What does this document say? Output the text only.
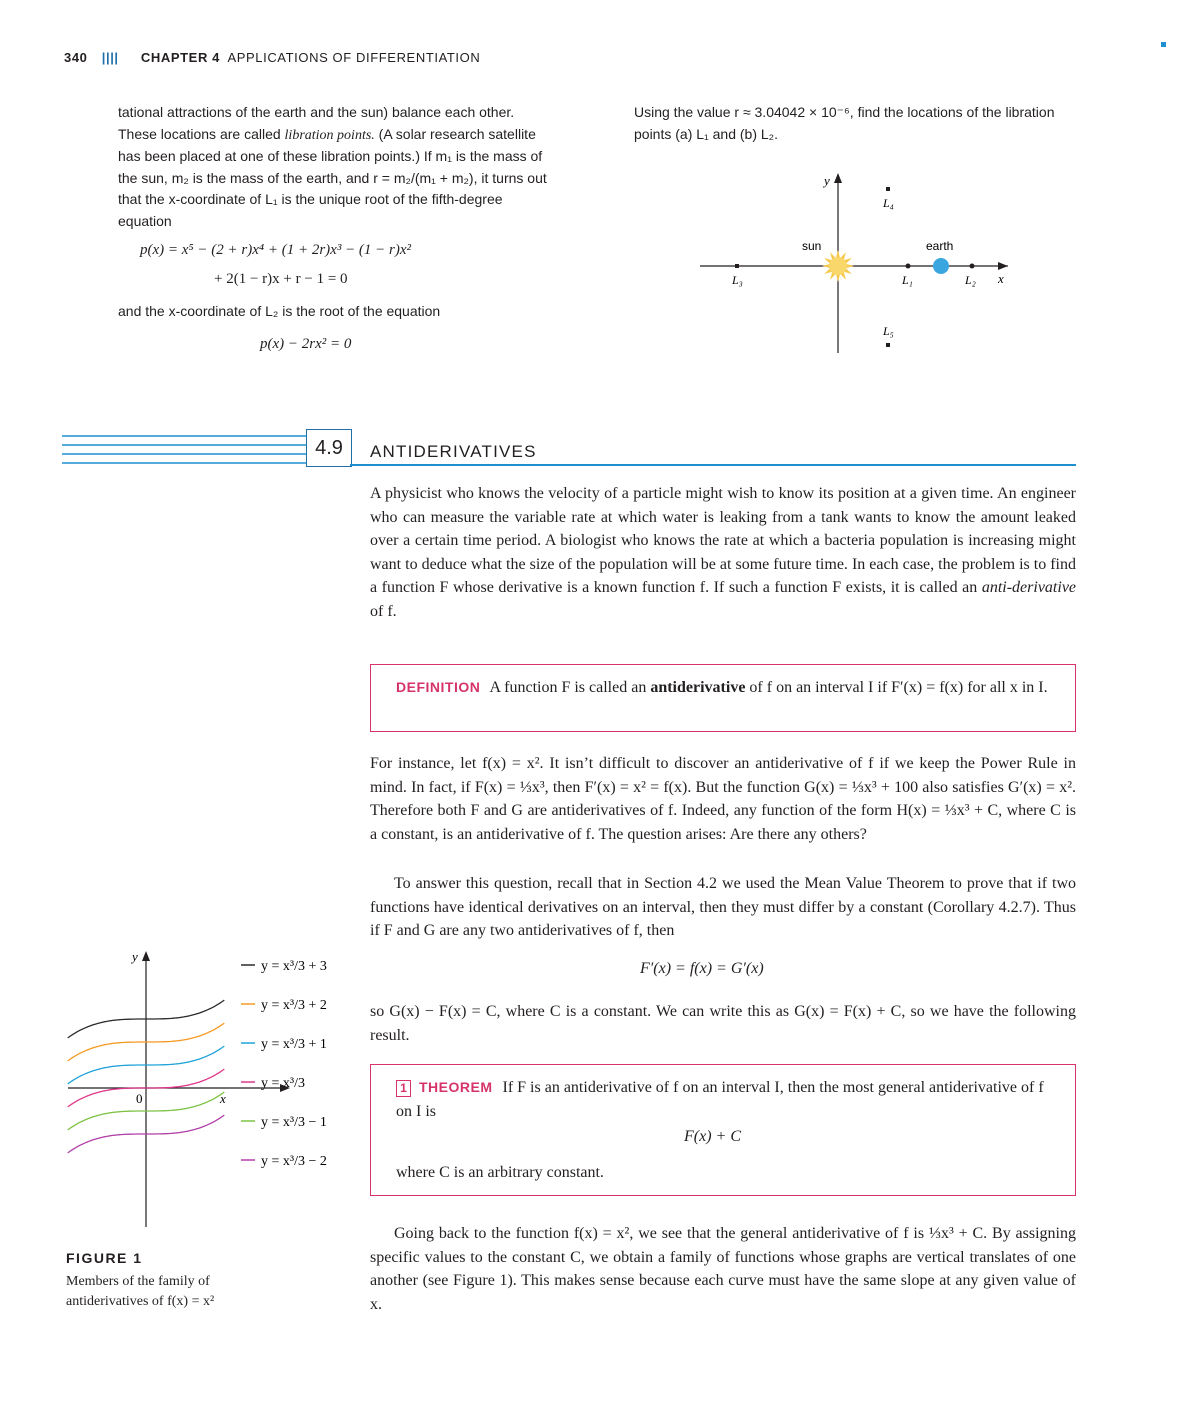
340 |||| CHAPTER 4 APPLICATIONS OF DIFFERENTIATION
tational attractions of the earth and the sun) balance each other. These locations are called libration points. (A solar research satellite has been placed at one of these libration points.) If m₁ is the mass of the sun, m₂ is the mass of the earth, and r = m₂/(m₁ + m₂), it turns out that the x-coordinate of L₁ is the unique root of the fifth-degree equation
p(x) = x⁵ − (2 + r)x⁴ + (1 + 2r)x³ − (1 − r)x²
+ 2(1 − r)x + r − 1 = 0
and the x-coordinate of L₂ is the root of the equation
p(x) − 2rx² = 0
Using the value r ≈ 3.04042 × 10⁻⁶, find the locations of the libration points (a) L₁ and (b) L₂.
y
x
sun	earth
L₄
L₃	L₁	L₂
L₅
4.9	ANTIDERIVATIVES
A physicist who knows the velocity of a particle might wish to know its position at a given time. An engineer who can measure the variable rate at which water is leaking from a tank wants to know the amount leaked over a certain time period. A biologist who knows the rate at which a bacteria population is increasing might want to deduce what the size of the population will be at some future time. In each case, the problem is to find a function F whose derivative is a known function f. If such a function F exists, it is called an anti-derivative of f.
DEFINITION A function F is called an antiderivative of f on an interval I if F′(x) = f(x) for all x in I.
For instance, let f(x) = x². It isn’t difficult to discover an antiderivative of f if we keep the Power Rule in mind. In fact, if F(x) = ⅓x³, then F′(x) = x² = f(x). But the function G(x) = ⅓x³ + 100 also satisfies G′(x) = x². Therefore both F and G are antiderivatives of f. Indeed, any function of the form H(x) = ⅓x³ + C, where C is a constant, is an antiderivative of f. The question arises: Are there any others?
To answer this question, recall that in Section 4.2 we used the Mean Value Theorem to prove that if two functions have identical derivatives on an interval, then they must differ by a constant (Corollary 4.2.7). Thus if F and G are any two antiderivatives of f, then
F′(x) = f(x) = G′(x)
so G(x) − F(x) = C, where C is a constant. We can write this as G(x) = F(x) + C, so we have the following result.
1 THEOREM If F is an antiderivative of f on an interval I, then the most general antiderivative of f on I is
F(x) + C
where C is an arbitrary constant.
Going back to the function f(x) = x², we see that the general antiderivative of f is ⅓x³ + C. By assigning specific values to the constant C, we obtain a family of functions whose graphs are vertical translates of one another (see Figure 1). This makes sense because each curve must have the same slope at any given value of x.
y
x
0
y = x³/3 + 3
y = x³/3 + 2
y = x³/3 + 1
y = x³/3
y = x³/3 − 1
y = x³/3 − 2
FIGURE 1
Members of the family of antiderivatives of f(x) = x²
